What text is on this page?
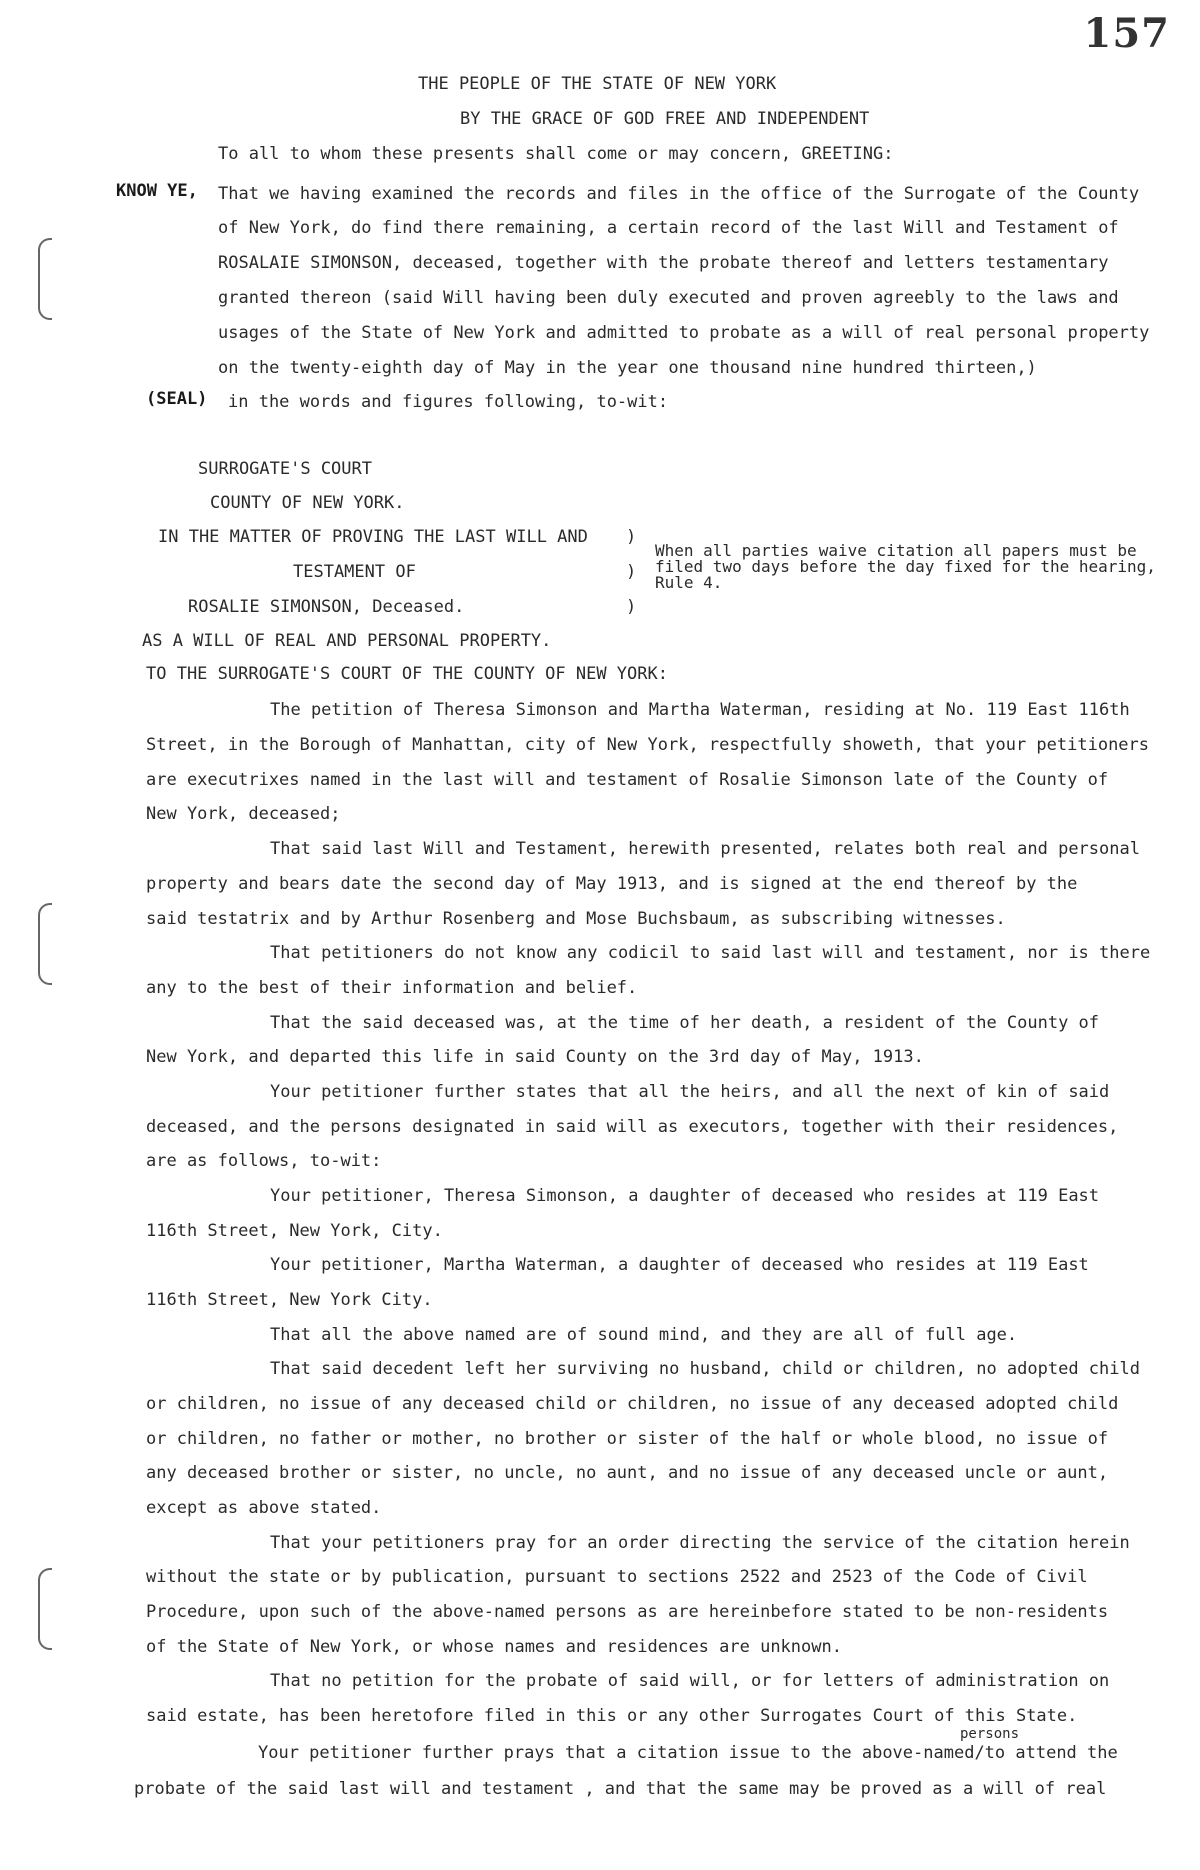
157
THE PEOPLE OF THE STATE OF NEW YORK
BY THE GRACE OF GOD FREE AND INDEPENDENT
To all to whom these presents shall come or may concern, GREETING:
KNOW YE, That we having examined the records and files in the office of the Surrogate of the County
of New York, do find there remaining, a certain record of the last Will and Testament of
ROSALAIE SIMONSON, deceased, together with the probate thereof and letters testamentary
granted thereon (said Will having been duly executed and proven agreebly to the laws and
usages of the State of New York and admitted to probate as a will of real personal property
on the twenty-eighth day of May in the year one thousand nine hundred thirteen,)
(SEAL) in the words and figures following, to-wit:
SURROGATE'S COURT
COUNTY OF NEW YORK.
IN THE MATTER OF PROVING THE LAST WILL AND
TESTAMENT OF
ROSALIE SIMONSON, Deceased.
AS A WILL OF REAL AND PERSONAL PROPERTY.
)
)
)
When all parties waive citation all papers must be filed two days before the day fixed for the hearing, Rule 4.
TO THE SURROGATE'S COURT OF THE COUNTY OF NEW YORK:
The petition of Theresa Simonson and Martha Waterman, residing at No. 119 East 116th
Street, in the Borough of Manhattan, city of New York, respectfully showeth, that your petitioners
are executrixes named in the last will and testament of Rosalie Simonson late of the County of
New York, deceased;
That said last Will and Testament, herewith presented, relates both real and personal
property and bears date the second day of May 1913, and is signed at the end thereof by the
said testatrix and by Arthur Rosenberg and Mose Buchsbaum, as subscribing witnesses.
That petitioners do not know any codicil to said last will and testament, nor is there
any to the best of their information and belief.
That the said deceased was, at the time of her death, a resident of the County of
New York, and departed this life in said County on the 3rd day of May, 1913.
Your petitioner further states that all the heirs, and all the next of kin of said
deceased, and the persons designated in said will as executors, together with their residences,
are as follows, to-wit:
Your petitioner, Theresa Simonson, a daughter of deceased who resides at 119 East
116th Street, New York, City.
Your petitioner, Martha Waterman, a daughter of deceased who resides at 119 East
116th Street, New York City.
That all the above named are of sound mind, and they are all of full age.
That said decedent left her surviving no husband, child or children, no adopted child
or children, no issue of any deceased child or children, no issue of any deceased adopted child
or children, no father or mother, no brother or sister of the half or whole blood, no issue of
any deceased brother or sister, no uncle, no aunt, and no issue of any deceased uncle or aunt,
except as above stated.
That your petitioners pray for an order directing the service of the citation herein
without the state or by publication, pursuant to sections 2522 and 2523 of the Code of Civil
Procedure, upon such of the above-named persons as are hereinbefore stated to be non-residents
of the State of New York, or whose names and residences are unknown.
That no petition for the probate of said will, or for letters of administration on
said estate, has been heretofore filed in this or any other Surrogates Court of this State.
persons
Your petitioner further prays that a citation issue to the above-named/to attend the
probate of the said last will and testament , and that the same may be proved as a will of real
